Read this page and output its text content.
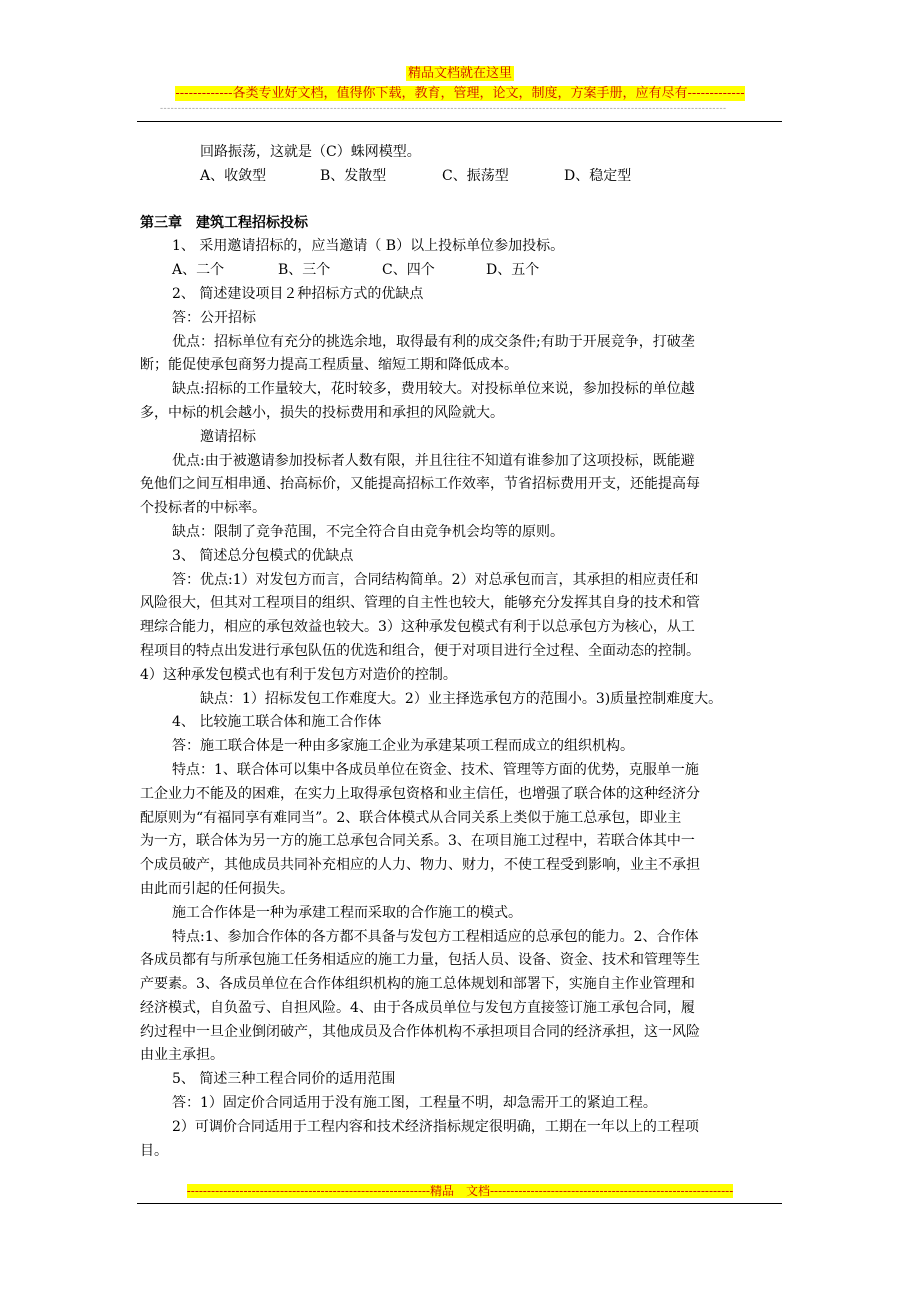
精品文档就在这里
-------------各类专业好文档，值得你下载，教育，管理，论文，制度，方案手册，应有尽有-------------
----------------------------------------------------------------------------------------------------------------------------------------------------------------
回路振荡，这就是（C）蛛网模型。
A、收敛型	B、发散型	C、振荡型	D、稳定型
第三章　建筑工程招标投标
1、 采用邀请招标的，应当邀请（ B）以上投标单位参加投标。
A、二个	B、三个	C、四个	D、五个
2、 简述建设项目２种招标方式的优缺点
答：公开招标
优点：招标单位有充分的挑选余地，取得最有利的成交条件;有助于开展竞争，打破垄
断；能促使承包商努力提高工程质量、缩短工期和降低成本。
缺点:招标的工作量较大，花时较多，费用较大。对投标单位来说，参加投标的单位越
多，中标的机会越小，损失的投标费用和承担的风险就大。
邀请招标
优点:由于被邀请参加投标者人数有限，并且往往不知道有谁参加了这项投标，既能避
免他们之间互相串通、抬高标价，又能提高招标工作效率，节省招标费用开支，还能提高每
个投标者的中标率。
缺点：限制了竞争范围，不完全符合自由竞争机会均等的原则。
3、 简述总分包模式的优缺点
答：优点:1）对发包方而言，合同结构简单。2）对总承包而言，其承担的相应责任和
风险很大，但其对工程项目的组织、管理的自主性也较大，能够充分发挥其自身的技术和管
理综合能力，相应的承包效益也较大。3）这种承发包模式有利于以总承包方为核心，从工
程项目的特点出发进行承包队伍的优选和组合，便于对项目进行全过程、全面动态的控制。
4）这种承发包模式也有利于发包方对造价的控制。
缺点：1）招标发包工作难度大。2）业主择选承包方的范围小。3)质量控制难度大。
4、 比较施工联合体和施工合作体
答：施工联合体是一种由多家施工企业为承建某项工程而成立的组织机构。
特点：1、联合体可以集中各成员单位在资金、技术、管理等方面的优势，克服单一施
工企业力不能及的困难，在实力上取得承包资格和业主信任，也增强了联合体的这种经济分
配原则为“有福同享有难同当”。2、联合体模式从合同关系上类似于施工总承包，即业主
为一方，联合体为另一方的施工总承包合同关系。3、在项目施工过程中，若联合体其中一
个成员破产，其他成员共同补充相应的人力、物力、财力，不使工程受到影响，业主不承担
由此而引起的任何损失。
施工合作体是一种为承建工程而采取的合作施工的模式。
特点:1、参加合作体的各方都不具备与发包方工程相适应的总承包的能力。2、合作体
各成员都有与所承包施工任务相适应的施工力量，包括人员、设备、资金、技术和管理等生
产要素。3、各成员单位在合作体组织机构的施工总体规划和部署下，实施自主作业管理和
经济模式，自负盈亏、自担风险。4、由于各成员单位与发包方直接签订施工承包合同，履
约过程中一旦企业倒闭破产，其他成员及合作体机构不承担项目合同的经济承担，这一风险
由业主承担。
5、 简述三种工程合同价的适用范围
答：1）固定价合同适用于没有施工图，工程量不明，却急需开工的紧迫工程。
2）可调价合同适用于工程内容和技术经济指标规定很明确，工期在一年以上的工程项
目。
------------------------------------------------------------精品　文档------------------------------------------------------------
